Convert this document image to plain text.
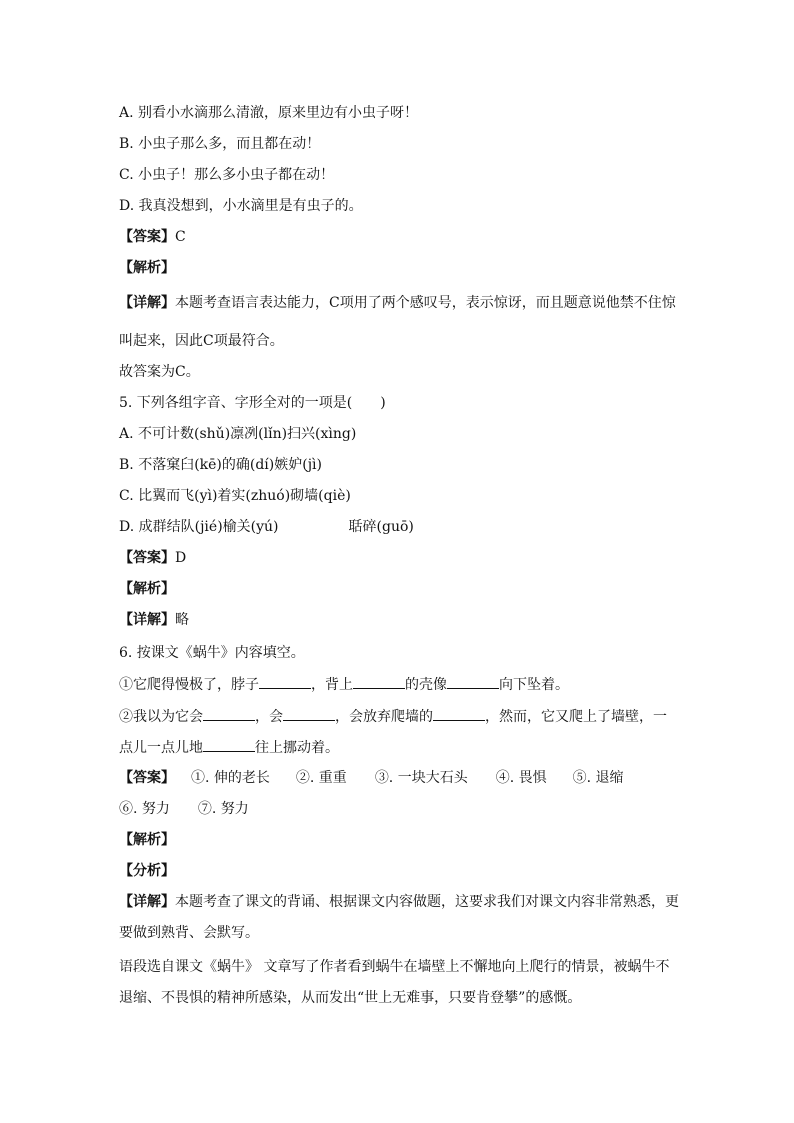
A. 别看小水滴那么清澈，原来里边有小虫子呀！
B. 小虫子那么多，而且都在动！
C. 小虫子！那么多小虫子都在动！
D. 我真没想到，小水滴里是有虫子的。
【答案】C
【解析】
【详解】本题考查语言表达能力，C项用了两个感叹号，表示惊讶，而且题意说他禁不住惊
叫起来，因此C项最符合。
故答案为C。
5. 下列各组字音、字形全对的一项是(　　)
A. 不可计数(shǔ)凛冽(lǐn)扫兴(xìng)
B. 不落窠臼(kē)的确(dí)嫉妒(jì)
C. 比翼而飞(yì)着实(zhuó)砌墙(qiè)
D. 成群结队(jié)榆关(yú)	聒碎(guō)
【答案】D
【解析】
【详解】略
6. 按课文《蜗牛》内容填空。
①它爬得慢极了，脖子	，背上	的壳像	向下坠着。
②我以为它会	，会	，会放弃爬墙的	，然而，它又爬上了墙壁，一
点儿一点儿地	往上挪动着。
【答案】 ①. 伸的老长 ②. 重重 ③. 一块大石头 ④. 畏惧 ⑤. 退缩
⑥. 努力 ⑦. 努力
【解析】
【分析】
【详解】本题考查了课文的背诵、根据课文内容做题，这要求我们对课文内容非常熟悉，更
要做到熟背、会默写。
语段选自课文《蜗牛》 文章写了作者看到蜗牛在墙壁上不懈地向上爬行的情景，被蜗牛不
退缩、不畏惧的精神所感染，从而发出“世上无难事，只要肯登攀”的感慨。
